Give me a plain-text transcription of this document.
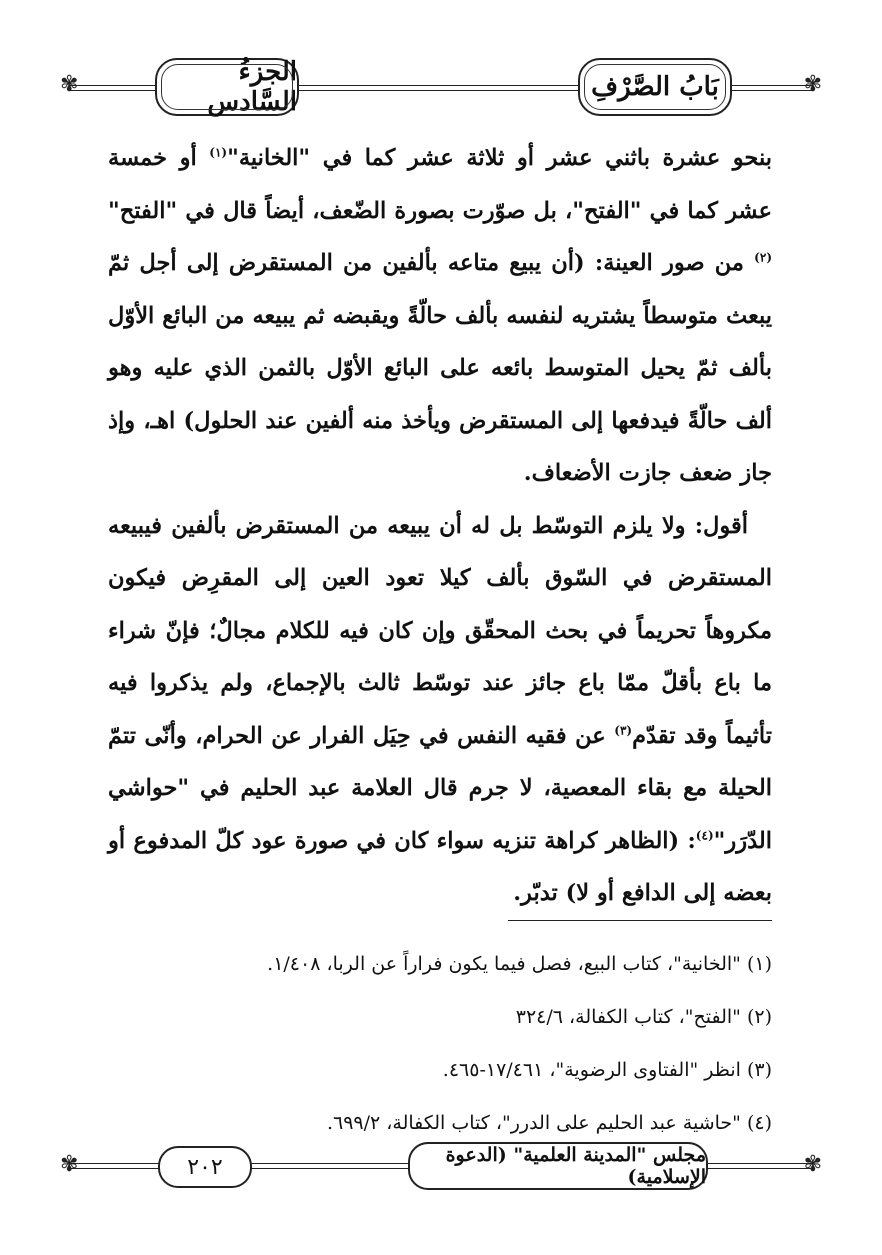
✾	✾
بَابُ الصَّرْفِ
الجزءُ السَّادس

بنحو عشرة باثني عشر أو ثلاثة عشر كما في "الخانية"$^{(١)}$ أو خمسة عشر كما في "الفتح"، بل صوّرت بصورة الضّعف، أيضاً قال في "الفتح"$^{(٢)}$ من صور العينة: (أن يبيع متاعه بألفين من المستقرض إلى أجل ثمّ يبعث متوسطاً يشتريه لنفسه بألف حالّةً ويقبضه ثم يبيعه من البائع الأوّل بألف ثمّ يحيل المتوسط بائعه على البائع الأوّل بالثمن الذي عليه وهو ألف حالّةً فيدفعها إلى المستقرض ويأخذ منه ألفين عند الحلول) اهـ، وإذ جاز ضعف جازت الأضعاف.

أقول: ولا يلزم التوسّط بل له أن يبيعه من المستقرض بألفين فيبيعه المستقرض في السّوق بألف كيلا تعود العين إلى المقرِض فيكون مكروهاً تحريماً في بحث المحقّق وإن كان فيه للكلام مجالٌ؛ فإنّ شراء ما باع بأقلّ ممّا باع جائز عند توسّط ثالث بالإجماع، ولم يذكروا فيه تأثيماً وقد تقدّم$^{(٣)}$ عن فقيه النفس في حِيَل الفرار عن الحرام، وأنّى تتمّ الحيلة مع بقاء المعصية، لا جرم قال العلامة عبد الحليم في "حواشي الدّرَر"$^{(٤)}$: (الظاهر كراهة تنزيه سواء كان في صورة عود كلّ المدفوع أو بعضه إلى الدافع أو لا) تدبّر.

(١) "الخانية"، كتاب البيع، فصل فيما يكون فراراً عن الربا، ١/٤٠٨.

(٢) "الفتح"، كتاب الكفالة، ٣٢٤/٦

(٣) انظر "الفتاوى الرضوية"، ١٧/٤٦١-٤٦٥.

(٤) "حاشية عبد الحليم على الدرر"، كتاب الكفالة، ٦٩٩/٢.

✾	✾
٢٠٢	مجلس "المدينة العلمية" (الدعوة الإسلامية)
